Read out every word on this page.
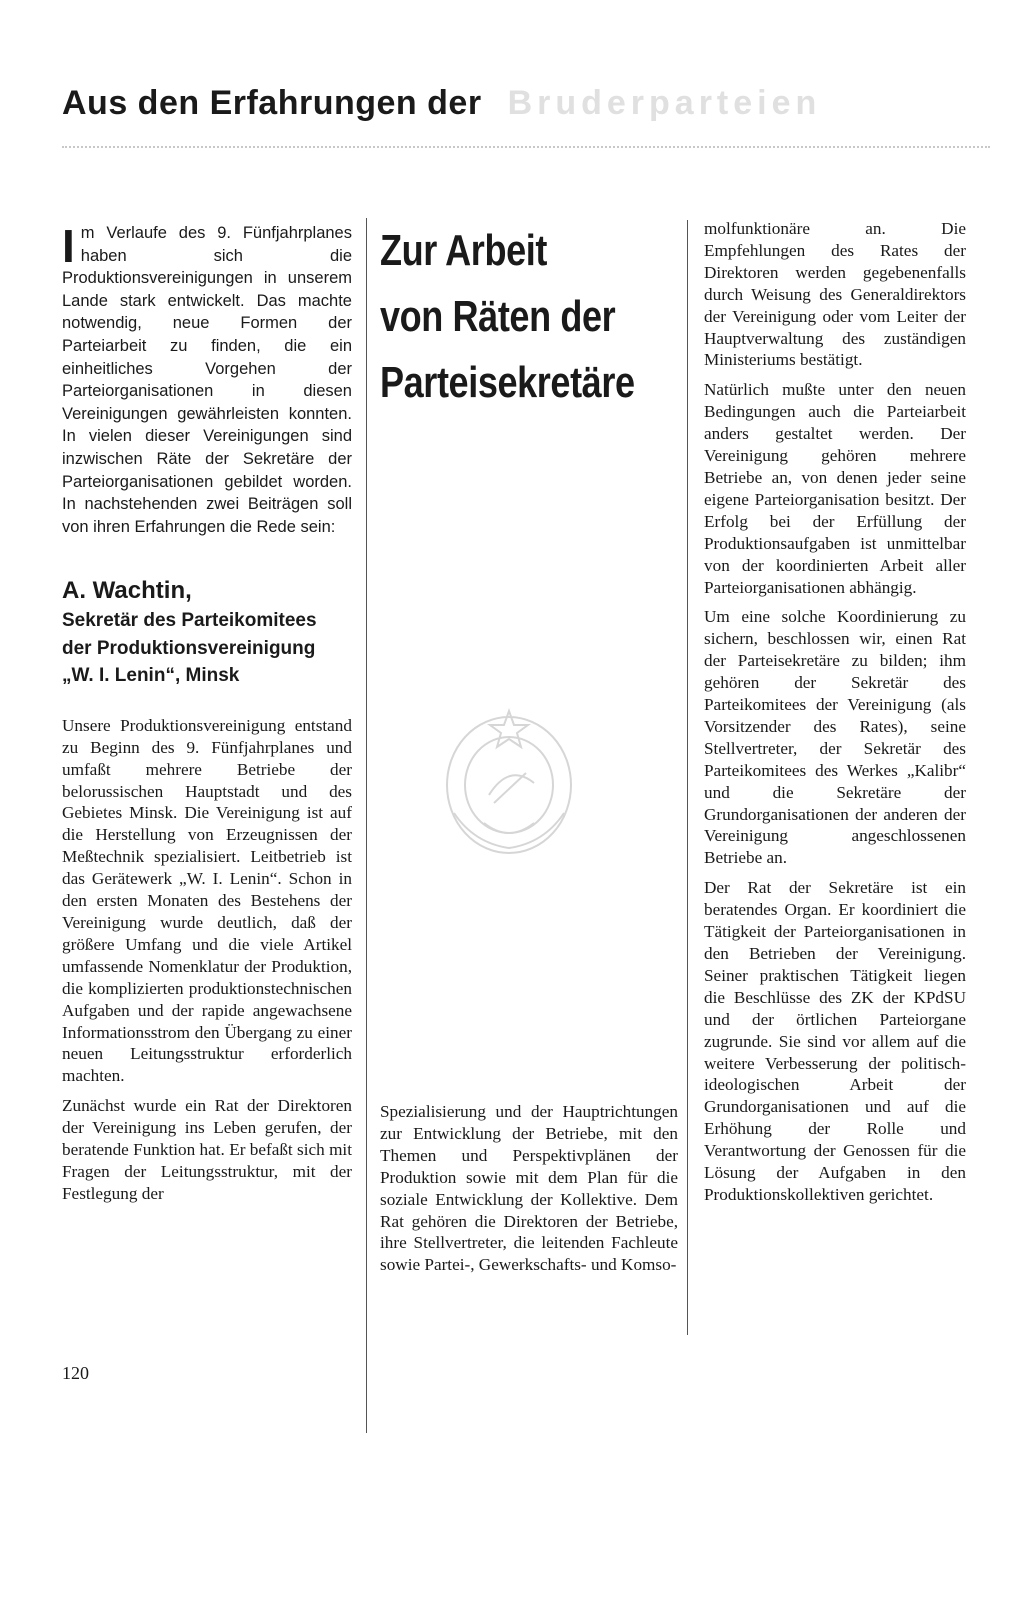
Aus den Erfahrungen der Bruderparteien

Im Verlaufe des 9. Fünfjahrplanes haben sich die Produktionsvereinigungen in unserem Lande stark entwickelt. Das machte notwendig, neue Formen der Parteiarbeit zu finden, die ein einheitliches Vorgehen der Parteiorganisationen in diesen Vereinigungen gewährleisten konnten. In vielen dieser Vereinigungen sind inzwischen Räte der Sekretäre der Parteiorganisationen gebildet worden. In nachstehenden zwei Beiträgen soll von ihren Erfahrungen die Rede sein:

A. Wachtin,
Sekretär des Parteikomitees
der Produktionsvereinigung
„W. I. Lenin“, Minsk

Unsere Produktionsvereinigung entstand zu Beginn des 9. Fünfjahrplanes und umfaßt mehrere Betriebe der belorussischen Hauptstadt und des Gebietes Minsk. Die Vereinigung ist auf die Herstellung von Erzeugnissen der Meßtechnik spezialisiert. Leitbetrieb ist das Gerätewerk „W. I. Lenin“. Schon in den ersten Monaten des Bestehens der Vereinigung wurde deutlich, daß der größere Umfang und die viele Artikel umfassende Nomenklatur der Produktion, die komplizierten produktionstechnischen Aufgaben und der rapide angewachsene Informationsstrom den Übergang zu einer neuen Leitungsstruktur erforderlich machten.

Zunächst wurde ein Rat der Direktoren der Vereinigung ins Leben gerufen, der beratende Funktion hat. Er befaßt sich mit Fragen der Leitungsstruktur, mit der Festlegung der

Zur Arbeit
von Räten der
Parteisekretäre

Spezialisierung und der Hauptrichtungen zur Entwicklung der Betriebe, mit den Themen und Perspektivplänen der Produktion sowie mit dem Plan für die soziale Entwicklung der Kollektive. Dem Rat gehören die Direktoren der Betriebe, ihre Stellvertreter, die leitenden Fachleute sowie Partei-, Gewerkschafts- und Komso-

molfunktionäre an. Die Empfehlungen des Rates der Direktoren werden gegebenenfalls durch Weisung des Generaldirektors der Vereinigung oder vom Leiter der Hauptverwaltung des zuständigen Ministeriums bestätigt.

Natürlich mußte unter den neuen Bedingungen auch die Parteiarbeit anders gestaltet werden. Der Vereinigung gehören mehrere Betriebe an, von denen jeder seine eigene Parteiorganisation besitzt. Der Erfolg bei der Erfüllung der Produktionsaufgaben ist unmittelbar von der koordinierten Arbeit aller Parteiorganisationen abhängig.

Um eine solche Koordinierung zu sichern, beschlossen wir, einen Rat der Parteisekretäre zu bilden; ihm gehören der Sekretär des Parteikomitees der Vereinigung (als Vorsitzender des Rates), seine Stellvertreter, der Sekretär des Parteikomitees des Werkes „Kalibr“ und die Sekretäre der Grundorganisationen der anderen der Vereinigung angeschlossenen Betriebe an.

Der Rat der Sekretäre ist ein beratendes Organ. Er koordiniert die Tätigkeit der Parteiorganisationen in den Betrieben der Vereinigung. Seiner praktischen Tätigkeit liegen die Beschlüsse des ZK der KPdSU und der örtlichen Parteiorgane zugrunde. Sie sind vor allem auf die weitere Verbesserung der politisch-ideologischen Arbeit der Grundorganisationen und auf die Erhöhung der Rolle und Verantwortung der Genossen für die Lösung der Aufgaben in den Produktionskollektiven gerichtet.

120
